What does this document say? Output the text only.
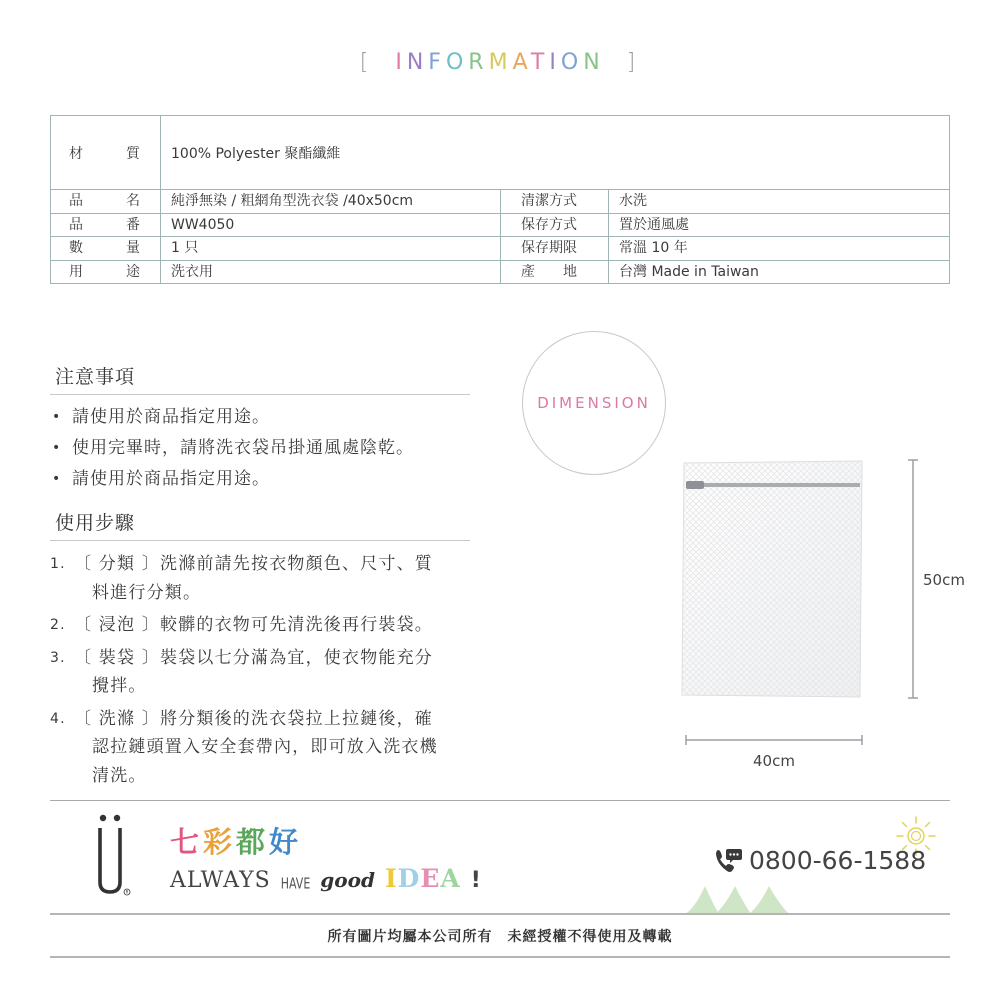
[ INFORMATION ]
材	質	100% Polyester 聚酯纖維
品	名	純淨無染 / 粗網角型洗衣袋 /40x50cm	清潔方式	水洗
品	番	WW4050	保存方式	置於通風處
數	量	1 只	保存期限	常溫 10 年
用	途	洗衣用	產　　地	台灣 Made in Taiwan
注意事項
• 請使用於商品指定用途。
• 使用完畢時，請將洗衣袋吊掛通風處陰乾。
• 請使用於商品指定用途。
使用步驟
1. 〔 分類 〕洗滌前請先按衣物顏色、尺寸、質
料進行分類。
2. 〔 浸泡 〕較髒的衣物可先清洗後再行裝袋。
3. 〔 裝袋 〕裝袋以七分滿為宜，使衣物能充分
攪拌。
4. 〔 洗滌 〕將分類後的洗衣袋拉上拉鏈後，確
認拉鏈頭置入安全套帶內，即可放入洗衣機
清洗。
DIMENSION
50cm
40cm
R
七彩都好
ALWAYS HAVE good IDEA !
0800-66-1588
所有圖片均屬本公司所有　未經授權不得使用及轉載
